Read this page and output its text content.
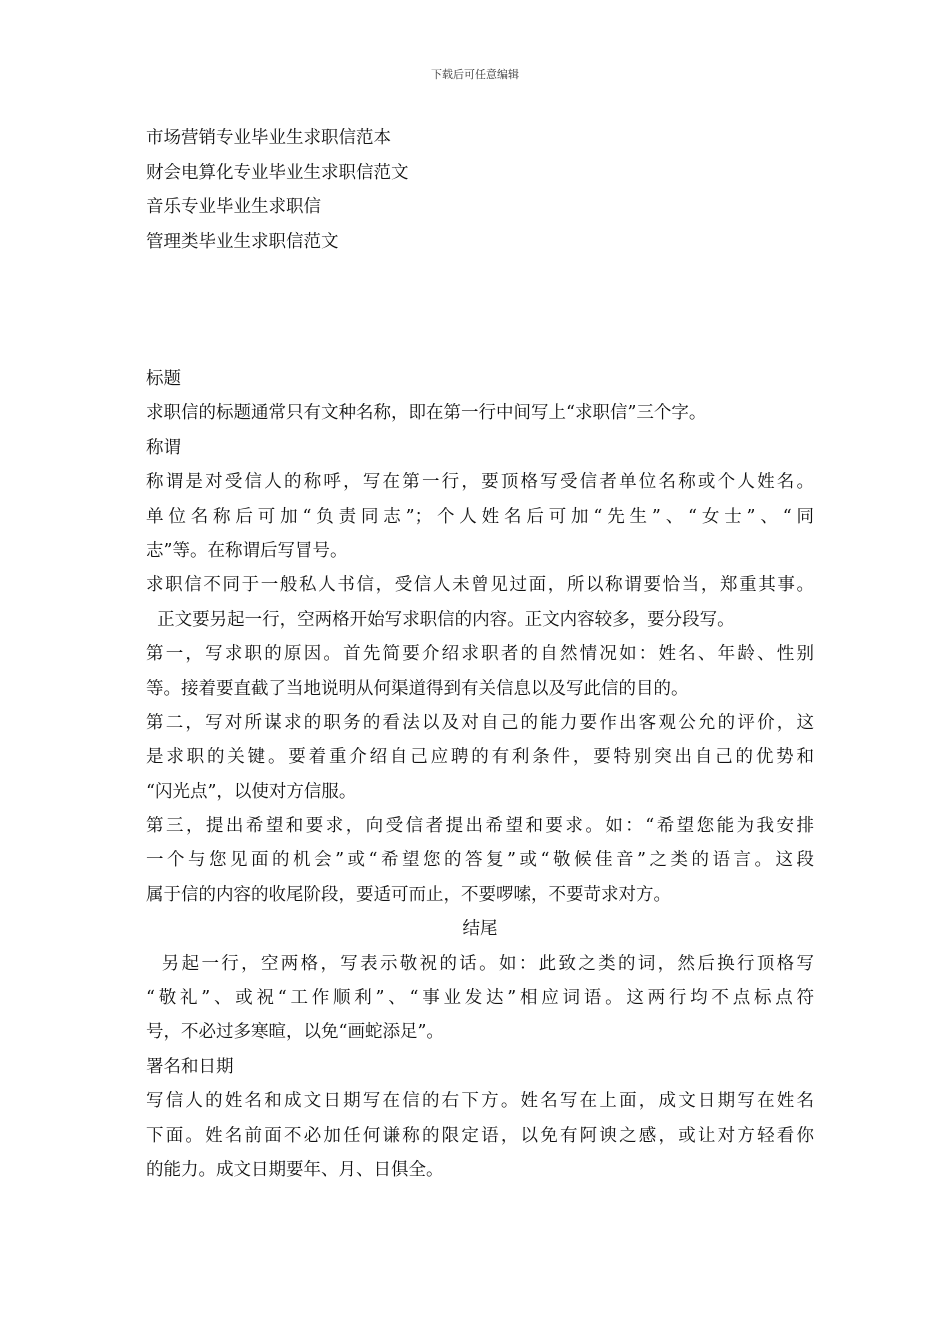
下载后可任意编辑
市场营销专业毕业生求职信范本
财会电算化专业毕业生求职信范文
音乐专业毕业生求职信
管理类毕业生求职信范文
标题
求职信的标题通常只有文种名称，即在第一行中间写上“求职信”三个字。
称谓
称谓是对受信人的称呼，写在第一行，要顶格写受信者单位名称或个人姓名。
单位名称后可加“负责同志”；个人姓名后可加“先生”、“女士”、“同
志”等。在称谓后写冒号。
求职信不同于一般私人书信，受信人未曾见过面，所以称谓要恰当，郑重其事。
正文要另起一行，空两格开始写求职信的内容。正文内容较多，要分段写。
第一，写求职的原因。首先简要介绍求职者的自然情况如：姓名、年龄、性别
等。接着要直截了当地说明从何渠道得到有关信息以及写此信的目的。
第二，写对所谋求的职务的看法以及对自己的能力要作出客观公允的评价，这
是求职的关键。要着重介绍自己应聘的有利条件，要特别突出自己的优势和
“闪光点”，以使对方信服。
第三，提出希望和要求，向受信者提出希望和要求。如：“希望您能为我安排
一个与您见面的机会”或“希望您的答复”或“敬候佳音”之类的语言。这段
属于信的内容的收尾阶段，要适可而止，不要啰嗦，不要苛求对方。
结尾
另起一行，空两格，写表示敬祝的话。如：此致之类的词，然后换行顶格写
“敬礼”、或祝“工作顺利”、“事业发达”相应词语。这两行均不点标点符
号，不必过多寒暄，以免“画蛇添足”。
署名和日期
写信人的姓名和成文日期写在信的右下方。姓名写在上面，成文日期写在姓名
下面。姓名前面不必加任何谦称的限定语，以免有阿谀之感，或让对方轻看你
的能力。成文日期要年、月、日俱全。
